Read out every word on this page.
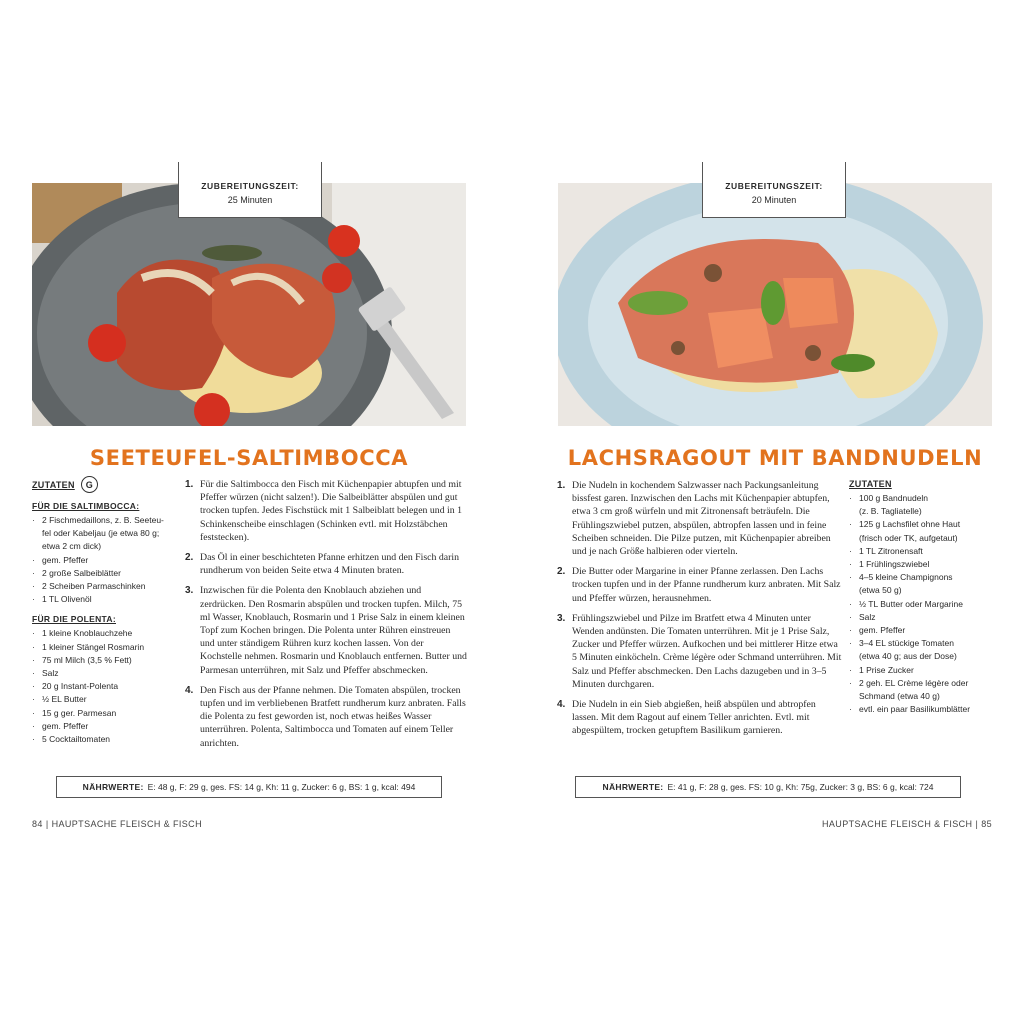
ZUBEREITUNGSZEIT:
25 Minuten
SEETEUFEL-SALTIMBOCCA
ZUTATEN	G
FÜR DIE SALTIMBOCCA:
· 2 Fischmedaillons, z. B. Seeteu-
fel oder Kabeljau (je etwa 80 g;
etwa 2 cm dick)
· gem. Pfeffer
· 2 große Salbeiblätter
· 2 Scheiben Parmaschinken
· 1 TL Olivenöl
FÜR DIE POLENTA:
· 1 kleine Knoblauchzehe
· 1 kleiner Stängel Rosmarin
· 75 ml Milch (3,5 % Fett)
· Salz
· 20 g Instant-Polenta
· ½ EL Butter
· 15 g ger. Parmesan
· gem. Pfeffer
· 5 Cocktailtomaten
1. Für die Saltimbocca den Fisch mit Küchenpapier abtupfen und mit Pfeffer würzen (nicht salzen!). Die Salbeiblätter abspülen und gut trocken tupfen. Jedes Fischstück mit 1 Salbeiblatt belegen und in 1 Schinkenscheibe einschlagen (Schinken evtl. mit Holzstäbchen feststecken).
2. Das Öl in einer beschichteten Pfanne erhitzen und den Fisch darin rundherum von beiden Seite etwa 4 Minuten braten.
3. Inzwischen für die Polenta den Knoblauch abziehen und zerdrücken. Den Rosmarin abspülen und trocken tupfen. Milch, 75 ml Wasser, Knoblauch, Rosmarin und 1 Prise Salz in einem kleinen Topf zum Kochen bringen. Die Polenta unter Rühren einstreuen und unter ständigem Rühren kurz kochen lassen. Von der Kochstelle nehmen. Rosmarin und Knoblauch entfernen. Butter und Parmesan unterrühren, mit Salz und Pfeffer abschmecken.
4. Den Fisch aus der Pfanne nehmen. Die Tomaten abspülen, trocken tupfen und im verbliebenen Bratfett rundherum kurz anbraten. Falls die Polenta zu fest geworden ist, noch etwas heißes Wasser unterrühren. Polenta, Saltimbocca und Tomaten auf einem Teller anrichten.
NÄHRWERTE: E: 48 g, F: 29 g, ges. FS: 14 g, Kh: 11 g, Zucker: 6 g, BS: 1 g, kcal: 494
84 | HAUPTSACHE FLEISCH & FISCH
ZUBEREITUNGSZEIT:
20 Minuten
LACHSRAGOUT MIT BANDNUDELN
1. Die Nudeln in kochendem Salzwasser nach Packungsanleitung bissfest garen. Inzwischen den Lachs mit Küchenpapier abtupfen, etwa 3 cm groß würfeln und mit Zitronensaft beträufeln. Die Frühlingszwiebel putzen, abspülen, abtropfen lassen und in feine Scheiben schneiden. Die Pilze putzen, mit Küchenpapier abreiben und je nach Größe halbieren oder vierteln.
2. Die Butter oder Margarine in einer Pfanne zerlassen. Den Lachs trocken tupfen und in der Pfanne rundherum kurz anbraten. Mit Salz und Pfeffer würzen, herausnehmen.
3. Frühlingszwiebel und Pilze im Bratfett etwa 4 Minuten unter Wenden andünsten. Die Tomaten unterrühren. Mit je 1 Prise Salz, Zucker und Pfeffer würzen. Aufkochen und bei mittlerer Hitze etwa 5 Minuten einköcheln. Crème légère oder Schmand unterrühren. Mit Salz und Pfeffer abschmecken. Den Lachs dazugeben und in 3–5 Minuten durchgaren.
4. Die Nudeln in ein Sieb abgießen, heiß abspülen und abtropfen lassen. Mit dem Ragout auf einem Teller anrichten. Evtl. mit abgespültem, trocken getupftem Basilikum garnieren.
ZUTATEN
· 100 g Bandnudeln
(z. B. Tagliatelle)
· 125 g Lachsfilet ohne Haut
(frisch oder TK, aufgetaut)
· 1 TL Zitronensaft
· 1 Frühlingszwiebel
· 4–5 kleine Champignons
(etwa 50 g)
· ½ TL Butter oder Margarine
· Salz
· gem. Pfeffer
· 3–4 EL stückige Tomaten
(etwa 40 g; aus der Dose)
· 1 Prise Zucker
· 2 geh. EL Crème légère oder
Schmand (etwa 40 g)
· evtl. ein paar Basilikumblätter
NÄHRWERTE: E: 41 g, F: 28 g, ges. FS: 10 g, Kh: 75g, Zucker: 3 g, BS: 6 g, kcal: 724
HAUPTSACHE FLEISCH & FISCH | 85
